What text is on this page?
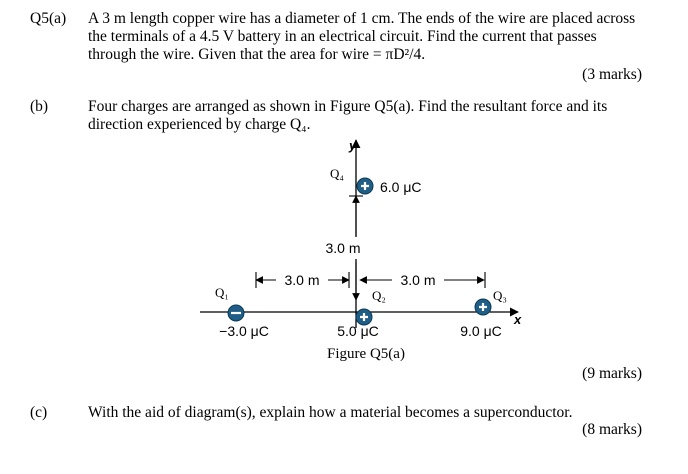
Q5(a) A 3 m length copper wire has a diameter of 1 cm. The ends of the wire are placed across
the terminals of a 4.5 V battery in an electrical circuit. Find the current that passes
through the wire. Given that the area for wire = πD²/4.
(3 marks)
(b)	Four charges are arranged as shown in Figure Q5(a). Find the resultant force and its
direction experienced by charge Q₄.
y
x
3.0 m
3.0 m	3.0 m
Q₄
6.0 μC
Q₁
−3.0 μC
Q₂
5.0 μC
Q₃
9.0 μC
Figure Q5(a)
(9 marks)
(c)	With the aid of diagram(s), explain how a material becomes a superconductor.
(8 marks)
